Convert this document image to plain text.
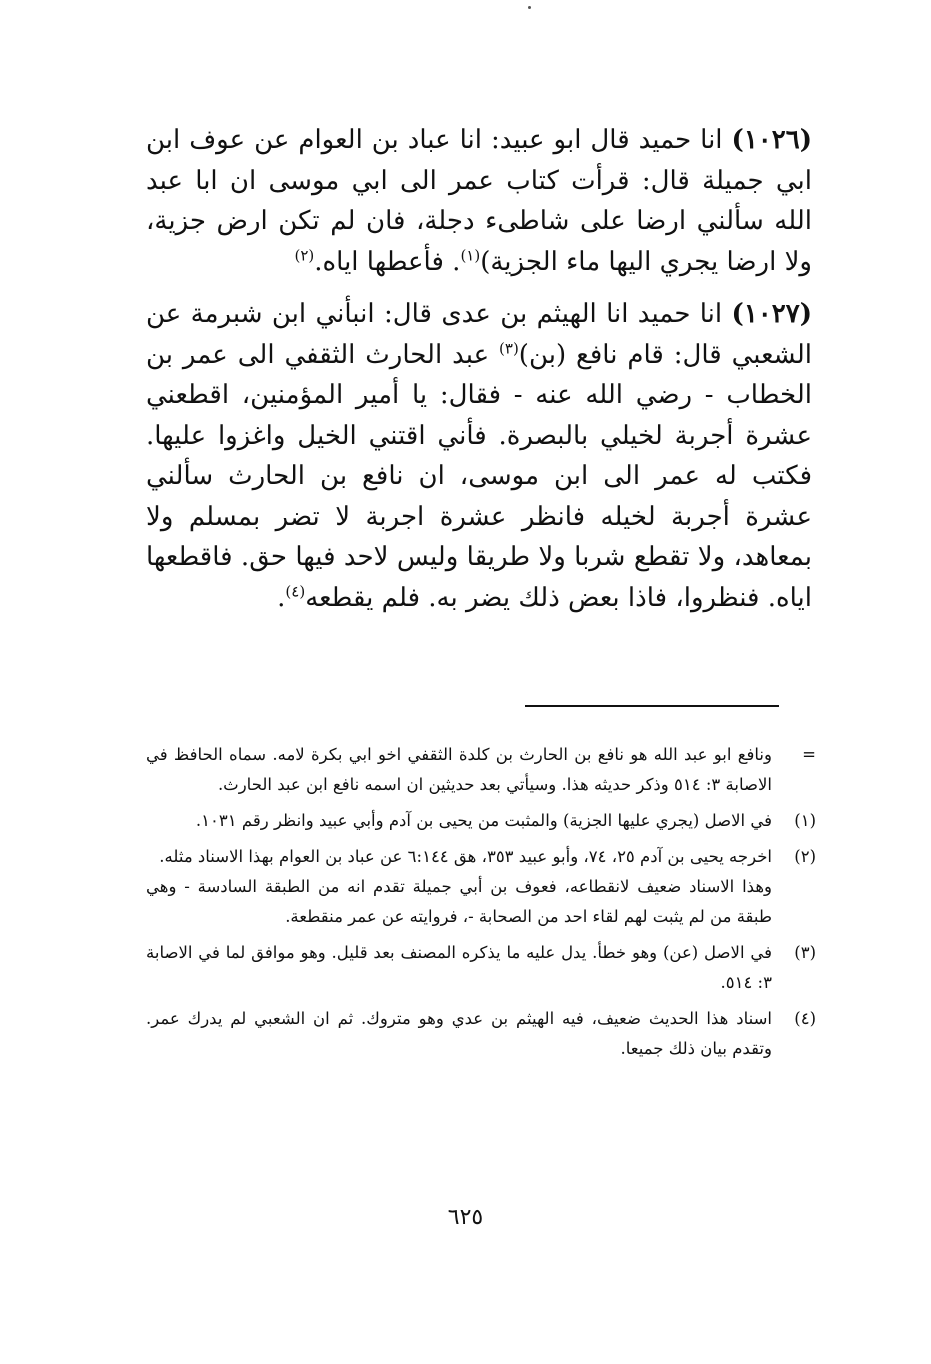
(١٠٢٦) انا حميد قال ابو عبيد: انا عباد بن العوام عن عوف ابن ابي جميلة قال: قرأت كتاب عمر الى ابي موسى ان ابا عبد الله سألني ارضا على شاطىء دجلة، فان لم تكن ارض جزية، ولا ارضا يجري اليها ماء الجزية)$^{(١)}$. فأعطها اياه.$^{(٢)}$

(١٠٢٧) انا حميد انا الهيثم بن عدى قال: انبأني ابن شبرمة عن الشعبي قال: قام نافع (بن)$^{(٣)}$ عبد الحارث الثقفي الى عمر بن الخطاب - رضي الله عنه - فقال: يا أمير المؤمنين، اقطعني عشرة أجربة لخيلي بالبصرة. فأني اقتني الخيل واغزوا عليها. فكتب له عمر الى ابن موسى، ان نافع بن الحارث سألني عشرة أجربة لخيله فانظر عشرة اجربة لا تضر بمسلم ولا بمعاهد، ولا تقطع شربا ولا طريقا وليس لاحد فيها حق. فاقطعها اياه. فنظروا، فاذا بعض ذلك يضر به. فلم يقطعه$^{(٤)}$.

=
ونافع ابو عبد الله هو نافع بن الحارث بن كلدة الثقفي اخو ابي بكرة لامه. سماه الحافظ في الاصابة ٣: ٥١٤ وذكر حديثه هذا. وسيأتي بعد حديثين ان اسمه نافع ابن عبد الحارث.
(١)
في الاصل (يجري عليها الجزية) والمثبت من يحيى بن آدم وأبي عبيد وانظر رقم ١٠٣١.
(٢)
اخرجه يحيى بن آدم ٢٥، ٧٤، وأبو عبيد ٣٥٣، هق ٦:١٤٤ عن عباد بن العوام بهذا الاسناد مثله.
وهذا الاسناد ضعيف لانقطاعه، فعوف بن أبي جميلة تقدم انه من الطبقة السادسة - وهي طبقة من لم يثبت لهم لقاء احد من الصحابة -، فروايته عن عمر منقطعة.
(٣)
في الاصل (عن) وهو خطأ. يدل عليه ما يذكره المصنف بعد قليل. وهو موافق لما في الاصابة ٣: ٥١٤.
(٤)
اسناد هذا الحديث ضعيف، فيه الهيثم بن عدي وهو متروك. ثم ان الشعبي لم يدرك عمر. وتقدم بيان ذلك جميعا.
٦٢٥
